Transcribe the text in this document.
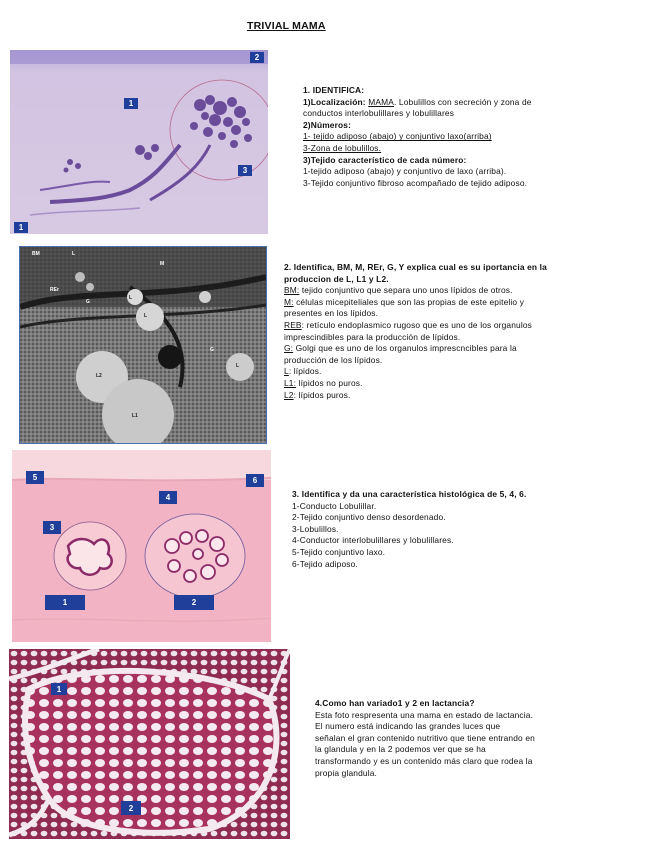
TRIVIAL MAMA
2
1
3
1
1. IDENTIFICA:
1)Localización: MAMA. Lobulillos con secreción y zona de
conductos interlobulillares y lobulillares
2)Números:
1- tejido adiposo (abajo) y conjuntivo laxo(arriba)
3-Zona de lobulillos.
3)Tejido característico de cada número:
1-tejido adiposo (abajo) y conjuntivo de laxo (arriba).
3-Tejido conjuntivo fibroso acompañado de tejido adiposo.
BM	L
M
REr
G
L
L
L2
L1
G
L
2. Identifica, BM, M, REr, G, Y explica cual es su iportancia en la
produccion de L, L1 y L2.
BM: tejido conjuntivo que separa uno unos lípidos de otros.
M: células micepiteliales que son las propias de este epitelio y
presentes en los lípidos.
REB: retículo endoplasmico rugoso que es uno de los organulos
imprescindibles para la producción de lípidos.
G: Golgi que es uno de los organulos imprescncibles para la
producción de los lípidos.
L: lípidos.
L1: lípidos no puros.
L2: lípidos puros.
5	6
4
3
1	2
3. Identifica y da una característica histológica de 5, 4, 6.
1-Conducto Lobulillar.
2-Tejido conjuntivo denso desordenado.
3-Lobulillos.
4-Conductor interlobulillares y lobulillares.
5-Tejido conjuntivo laxo.
6-Tejido adiposo.
1
2
4.Como han variado1 y 2 en lactancia?
Esta foto respresenta una mama en estado de lactancia.
El numero está indicando las grandes luces que
señalan el gran contenido nutritivo que tiene entrando en
la glandula y en la 2 podemos ver que se ha
transformando y es un contenido más claro que rodea la
propia glandula.
